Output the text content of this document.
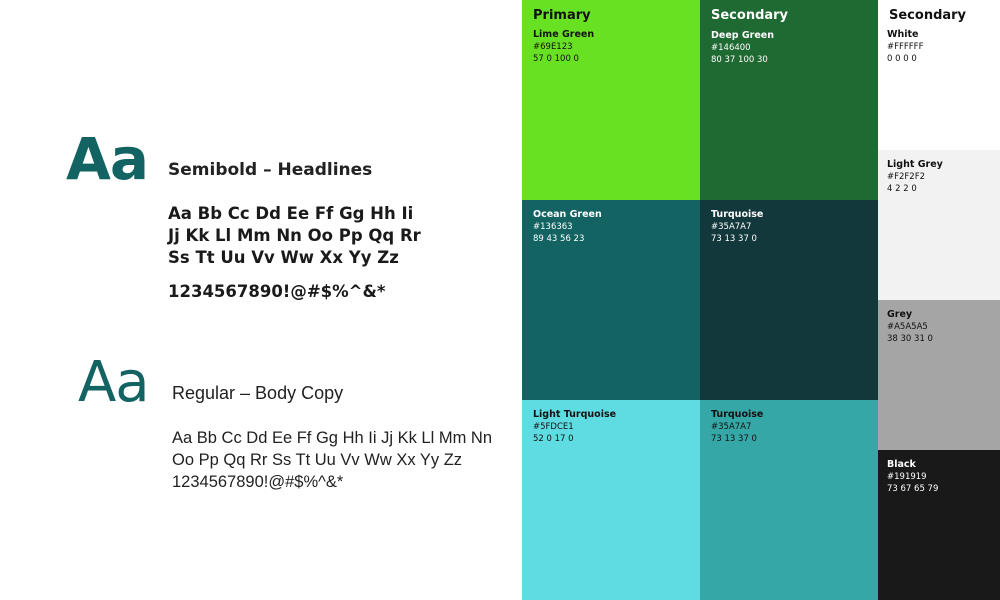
Aa Semibold – Headlines
Aa Bb Cc Dd Ee Ff Gg Hh Ii
Jj Kk Ll Mm Nn Oo Pp Qq Rr
Ss Tt Uu Vv Ww Xx Yy Zz
1234567890!@#$%^&*
Aa Regular – Body Copy
Aa Bb Cc Dd Ee Ff Gg Hh Ii Jj Kk Ll Mm Nn
Oo Pp Qq Rr Ss Tt Uu Vv Ww Xx Yy Zz
1234567890!@#$%^&*
Primary
Lime Green
#69E123
57 0 100 0
Secondary
Deep Green
#146400
80 37 100 30
Ocean Green
#136363
89 43 56 23
Turquoise
#35A7A7
73 13 37 0
Light Turquoise
#5FDCE1
52 0 17 0
Turquoise
#35A7A7
73 13 37 0
Secondary
White
#FFFFFF
0 0 0 0
Light Grey
#F2F2F2
4 2 2 0
Grey
#A5A5A5
38 30 31 0
Black
#191919
73 67 65 79
